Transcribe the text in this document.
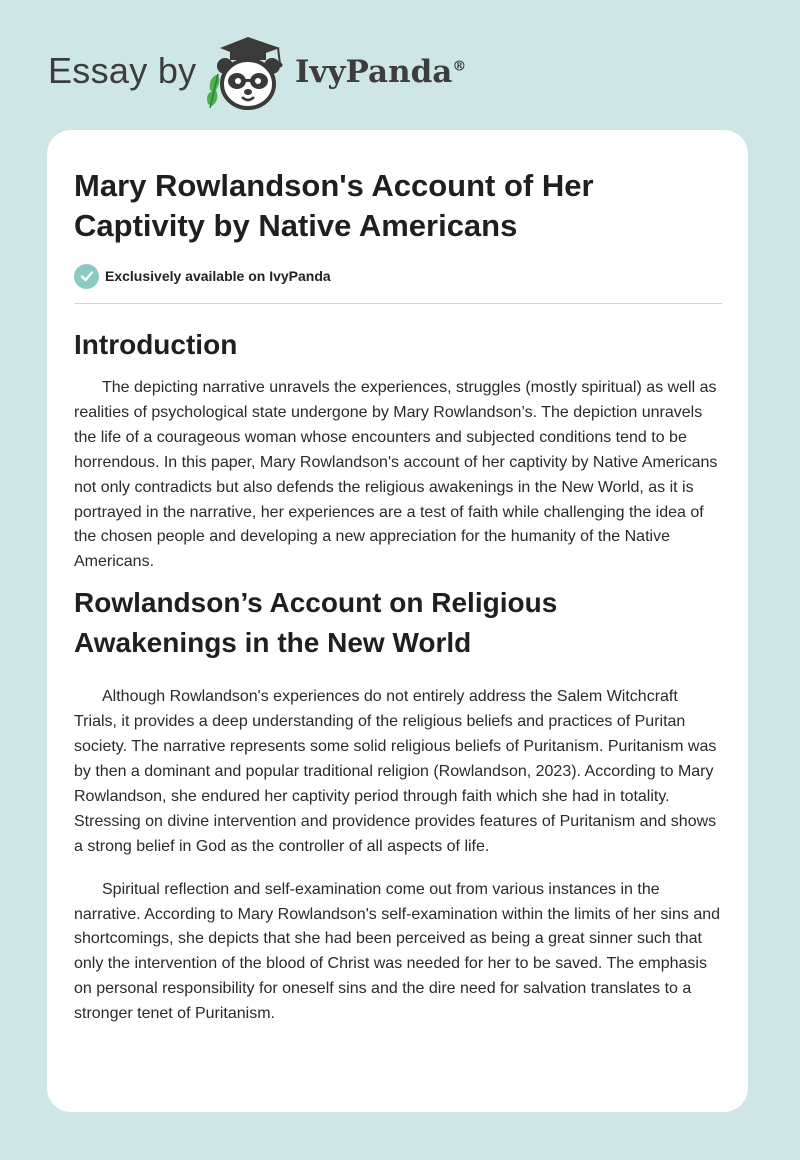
Essay by	IvyPanda®
Mary Rowlandson's Account of Her Captivity by Native Americans
Exclusively available on IvyPanda
Introduction

The depicting narrative unravels the experiences, struggles (mostly spiritual) as well as realities of psychological state undergone by Mary Rowlandson’s. The depiction unravels the life of a courageous woman whose encounters and subjected conditions tend to be horrendous. In this paper, Mary Rowlandson's account of her captivity by Native Americans not only contradicts but also defends the religious awakenings in the New World, as it is portrayed in the narrative, her experiences are a test of faith while challenging the idea of the chosen people and developing a new appreciation for the humanity of the Native Americans.

Rowlandson’s Account on Religious Awakenings in the New World

Although Rowlandson's experiences do not entirely address the Salem Witchcraft Trials, it provides a deep understanding of the religious beliefs and practices of Puritan society. The narrative represents some solid religious beliefs of Puritanism. Puritanism was by then a dominant and popular traditional religion (Rowlandson, 2023). According to Mary Rowlandson, she endured her captivity period through faith which she had in totality. Stressing on divine intervention and providence provides features of Puritanism and shows a strong belief in God as the controller of all aspects of life.

Spiritual reflection and self-examination come out from various instances in the narrative. According to Mary Rowlandson's self-examination within the limits of her sins and shortcomings, she depicts that she had been perceived as being a great sinner such that only the intervention of the blood of Christ was needed for her to be saved. The emphasis on personal responsibility for oneself sins and the dire need for salvation translates to a stronger tenet of Puritanism.
